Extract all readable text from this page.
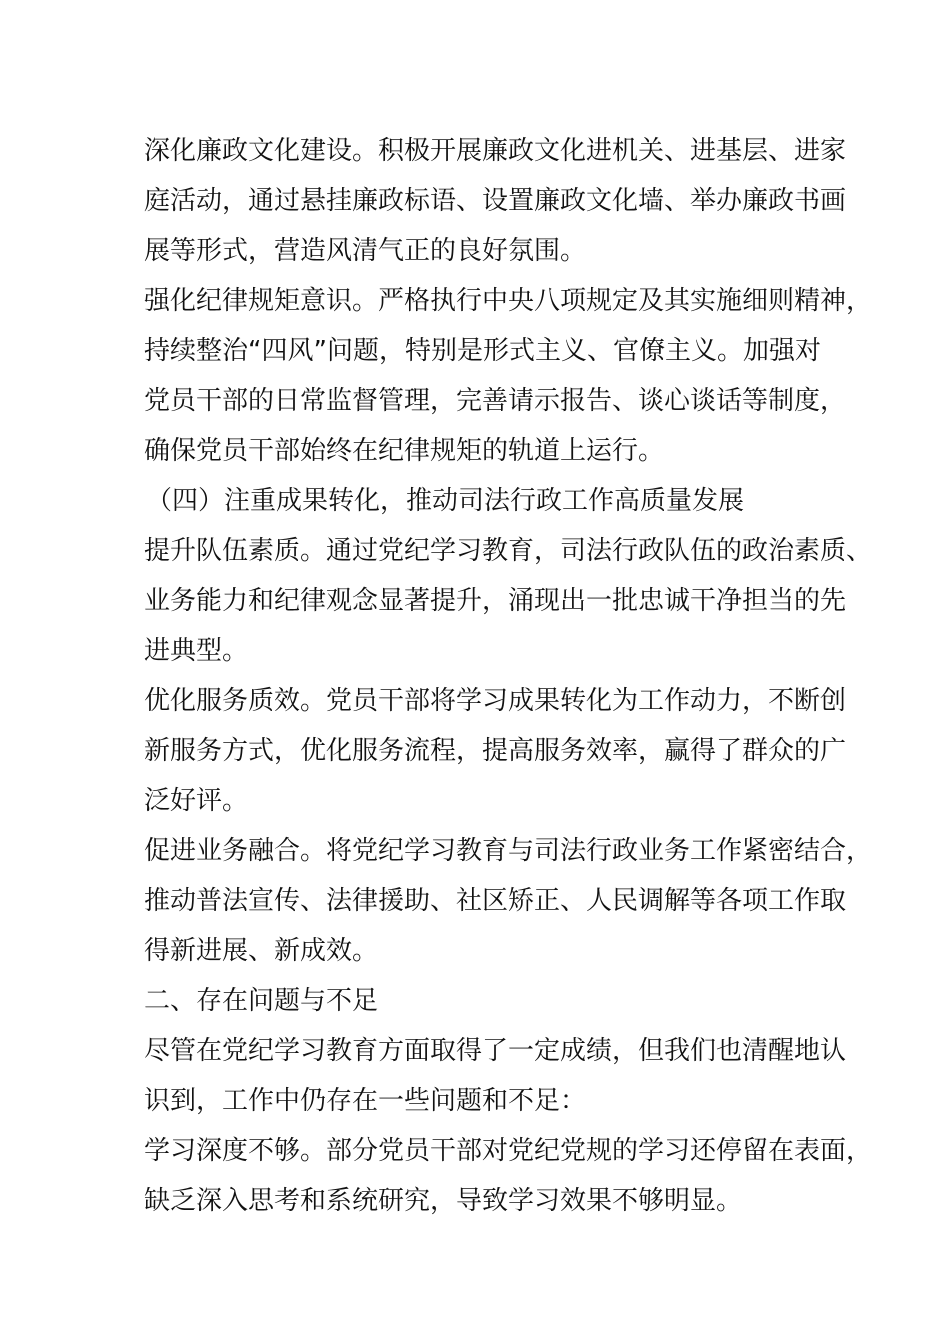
深化廉政文化建设。积极开展廉政文化进机关、进基层、进家
庭活动，通过悬挂廉政标语、设置廉政文化墙、举办廉政书画
展等形式，营造风清气正的良好氛围。
强化纪律规矩意识。严格执行中央八项规定及其实施细则精神，
持续整治“四风”问题，特别是形式主义、官僚主义。加强对
党员干部的日常监督管理，完善请示报告、谈心谈话等制度，
确保党员干部始终在纪律规矩的轨道上运行。
（四）注重成果转化，推动司法行政工作高质量发展
提升队伍素质。通过党纪学习教育，司法行政队伍的政治素质、
业务能力和纪律观念显著提升，涌现出一批忠诚干净担当的先
进典型。
优化服务质效。党员干部将学习成果转化为工作动力，不断创
新服务方式，优化服务流程，提高服务效率，赢得了群众的广
泛好评。
促进业务融合。将党纪学习教育与司法行政业务工作紧密结合，
推动普法宣传、法律援助、社区矫正、人民调解等各项工作取
得新进展、新成效。
二、存在问题与不足
尽管在党纪学习教育方面取得了一定成绩，但我们也清醒地认
识到，工作中仍存在一些问题和不足：
学习深度不够。部分党员干部对党纪党规的学习还停留在表面，
缺乏深入思考和系统研究，导致学习效果不够明显。
